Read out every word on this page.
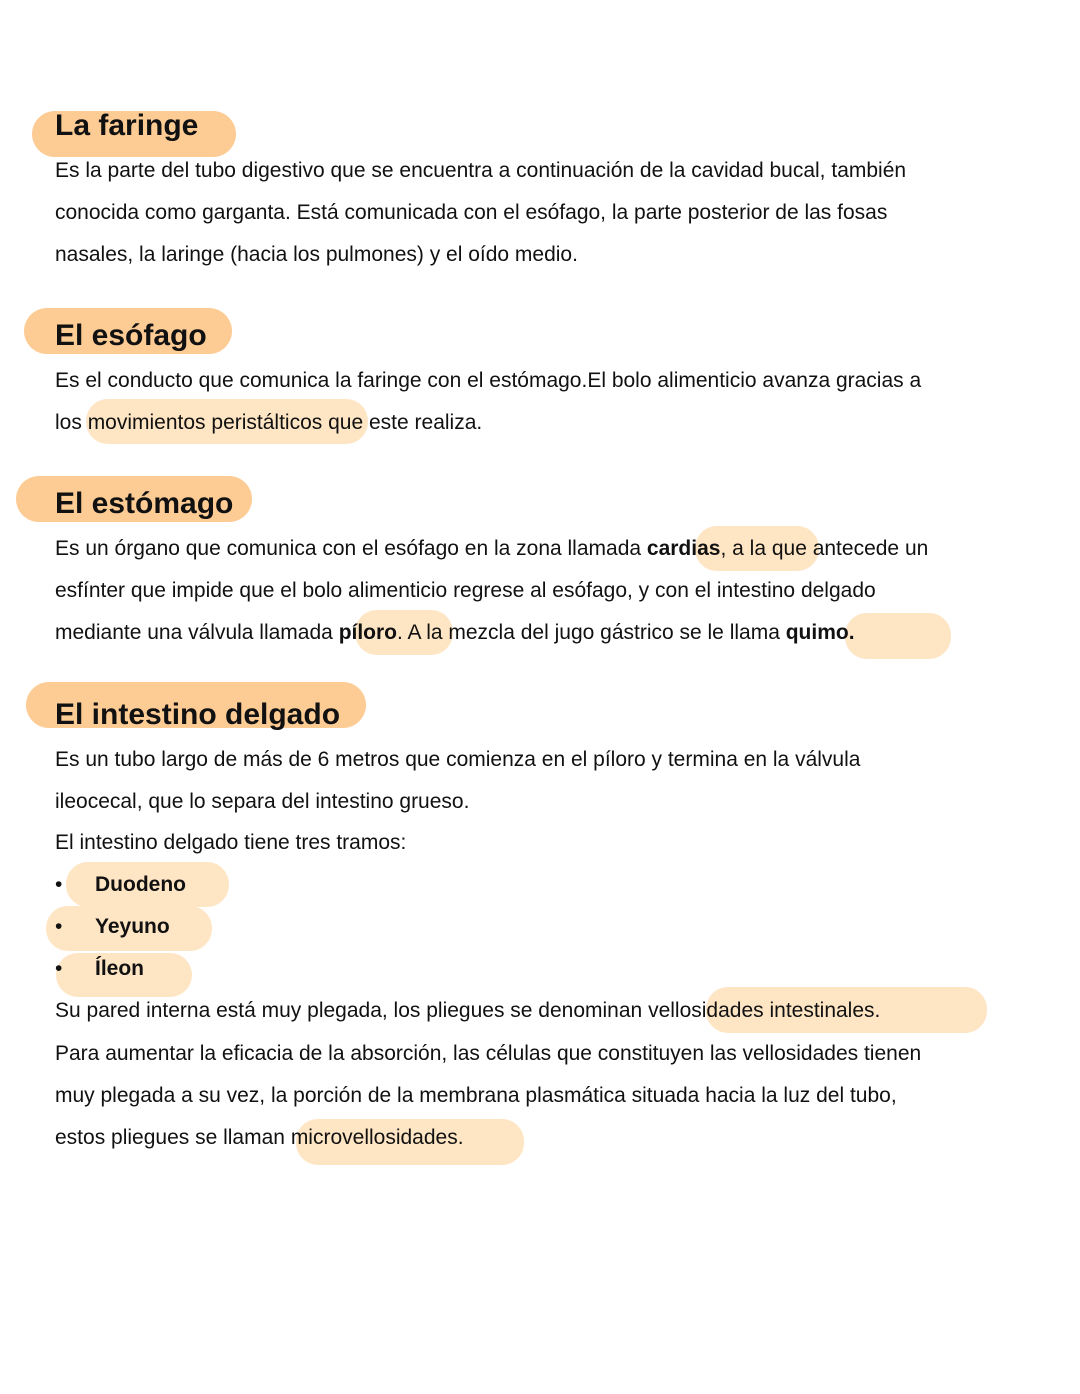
La faringe
Es la parte del tubo digestivo que se encuentra a continuación de la cavidad bucal, también
conocida como garganta. Está comunicada con el esófago, la parte posterior de las fosas
nasales, la laringe (hacia los pulmones) y el oído medio.
El esófago
Es el conducto que comunica la faringe con el estómago.El bolo alimenticio avanza gracias a
los movimientos peristálticos que este realiza.
El estómago
Es un órgano que comunica con el esófago en la zona llamada cardias, a la que antecede un
esfínter que impide que el bolo alimenticio regrese al esófago, y con el intestino delgado
mediante una válvula llamada píloro. A la mezcla del jugo gástrico se le llama quimo.
El intestino delgado
Es un tubo largo de más de 6 metros que comienza en el píloro y termina en la válvula
ileocecal, que lo separa del intestino grueso.
El intestino delgado tiene tres tramos:
• Duodeno
• Yeyuno
• Íleon
Su pared interna está muy plegada, los pliegues se denominan vellosidades intestinales.
Para aumentar la eficacia de la absorción, las células que constituyen las vellosidades tienen
muy plegada a su vez, la porción de la membrana plasmática situada hacia la luz del tubo,
estos pliegues se llaman microvellosidades.
